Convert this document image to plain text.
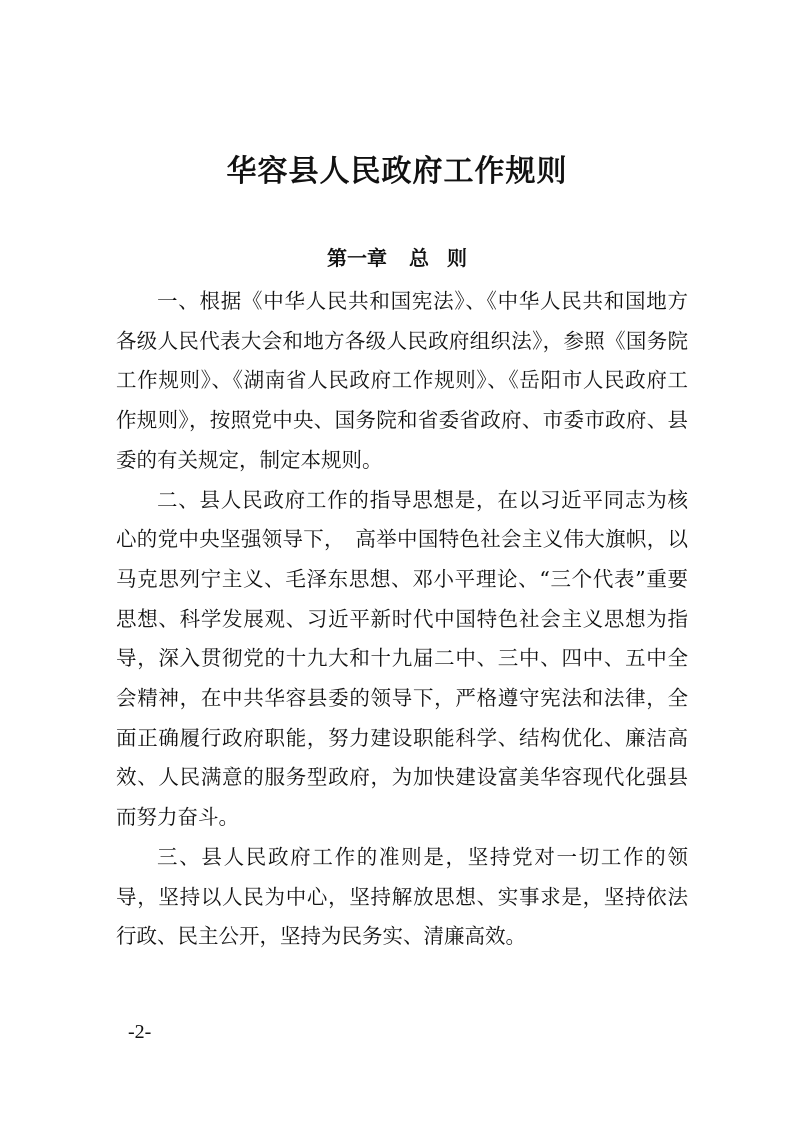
华容县人民政府工作规则
第一章 总 则

一、根据《中华人民共和国宪法》、《中华人民共和国地方各级人民代表大会和地方各级人民政府组织法》，参照《国务院工作规则》、《湖南省人民政府工作规则》、《岳阳市人民政府工作规则》，按照党中央、国务院和省委省政府、市委市政府、县委的有关规定，制定本规则。

二、县人民政府工作的指导思想是，在以习近平同志为核心的党中央坚强领导下，　高举中国特色社会主义伟大旗帜，以马克思列宁主义、毛泽东思想、邓小平理论、“三个代表”重要思想、科学发展观、习近平新时代中国特色社会主义思想为指导，深入贯彻党的十九大和十九届二中、三中、四中、五中全会精神，在中共华容县委的领导下，严格遵守宪法和法律，全面正确履行政府职能，努力建设职能科学、结构优化、廉洁高效、人民满意的服务型政府，为加快建设富美华容现代化强县而努力奋斗。

三、县人民政府工作的准则是，坚持党对一切工作的领导，坚持以人民为中心，坚持解放思想、实事求是，坚持依法行政、民主公开，坚持为民务实、清廉高效。

-2-
